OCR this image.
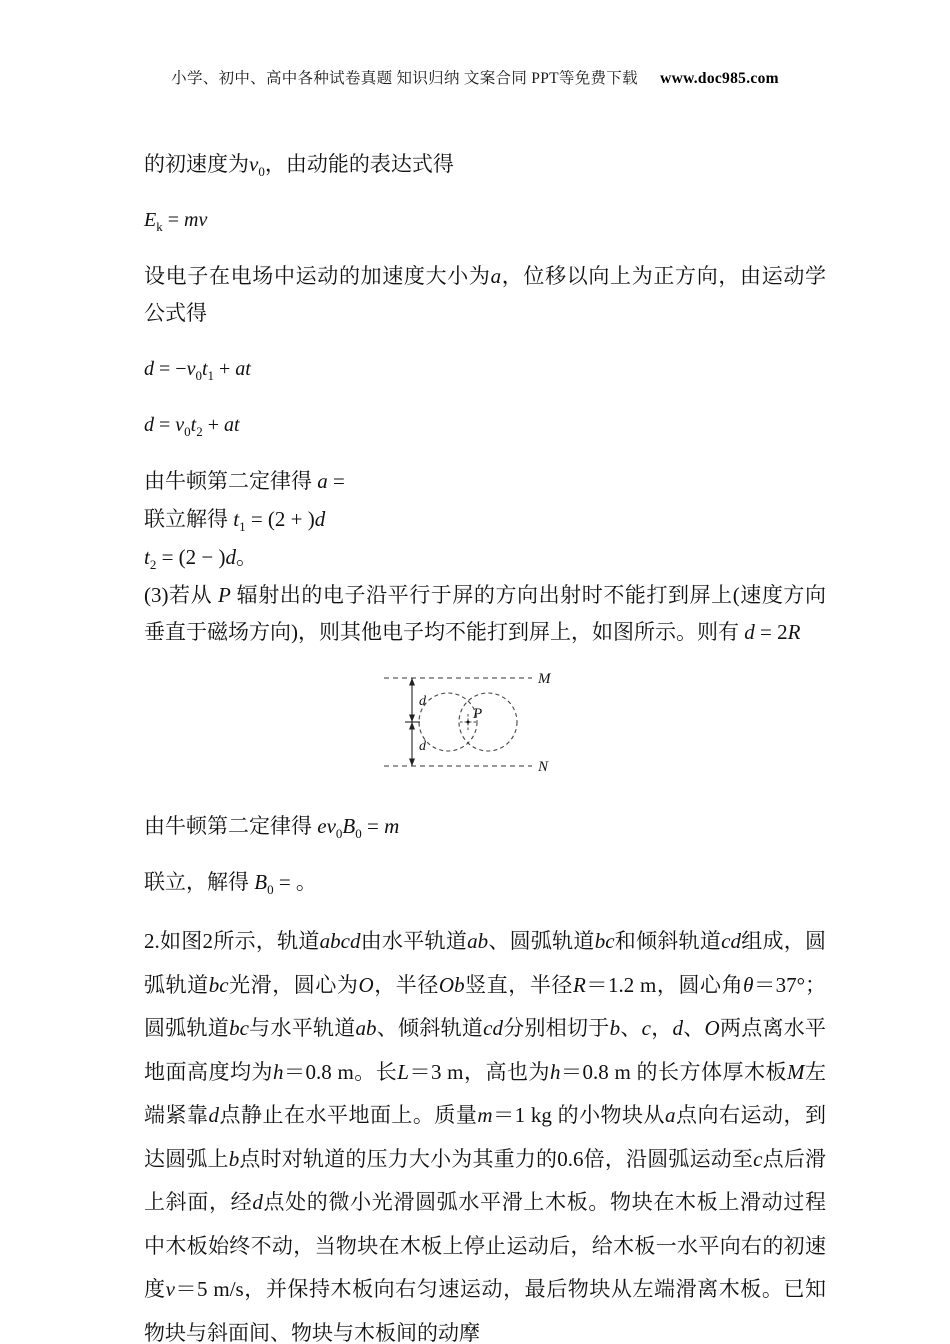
小学、初中、高中各种试卷真题 知识归纳 文案合同 PPT等免费下载 www.doc985.com
的初速度为$v_0$，由动能的表达式得
$E_k$ = mv
设电子在电场中运动的加速度大小为a，位移以向上为正方向，由运动学公式得
$d = -v_0t_1$ + at
$d = v_0t_2$ + at
由牛顿第二定律得 a =
联立解得 $t_1 = (2 + )d$
$t_2 = (2 - )d$。
(3)若从 P 辐射出的电子沿平行于屏的方向出射时不能打到屏上(速度方向垂直于磁场方向)，则其他电子均不能打到屏上，如图所示。则有 d = 2R
M
N
d
d
P
由牛顿第二定律得 $ev_0B_0 = m$
联立，解得 $B_0$ = 。
2.如图2所示，轨道abcd由水平轨道ab、圆弧轨道bc和倾斜轨道cd组成，圆弧轨道bc光滑，圆心为O，半径Ob竖直，半径R＝1.2 m，圆心角θ＝37°；圆弧轨道bc与水平轨道ab、倾斜轨道cd分别相切于b、c，d、O两点离水平地面高度均为h＝0.8 m。长L＝3 m，高也为h＝0.8 m 的长方体厚木板M左端紧靠d点静止在水平地面上。质量m＝1 kg 的小物块从a点向右运动，到达圆弧上b点时对轨道的压力大小为其重力的0.6倍，沿圆弧运动至c点后滑上斜面，经d点处的微小光滑圆弧水平滑上木板。物块在木板上滑动过程中木板始终不动，当物块在木板上停止运动后，给木板一水平向右的初速度v＝5 m/s，并保持木板向右匀速运动，最后物块从左端滑离木板。已知物块与斜面间、物块与木板间的动摩
